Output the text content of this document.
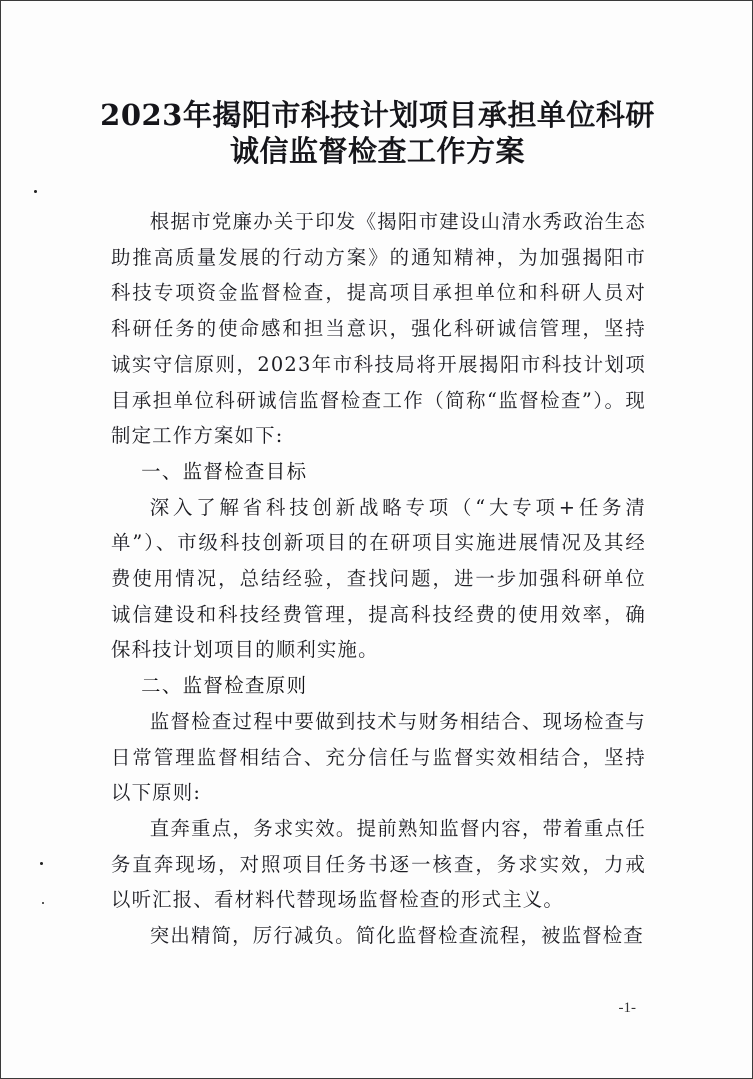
2023年揭阳市科技计划项目承担单位科研
诚信监督检查工作方案

根据市党廉办关于印发《揭阳市建设山清水秀政治生态助推高质量发展的行动方案》的通知精神，为加强揭阳市科技专项资金监督检查，提高项目承担单位和科研人员对科研任务的使命感和担当意识，强化科研诚信管理，坚持诚实守信原则，2023年市科技局将开展揭阳市科技计划项目承担单位科研诚信监督检查工作（简称“监督检查”）。现制定工作方案如下:

一、监督检查目标

深入了解省科技创新战略专项（“大专项+任务清单”）、市级科技创新项目的在研项目实施进展情况及其经费使用情况，总结经验，查找问题，进一步加强科研单位诚信建设和科技经费管理，提高科技经费的使用效率，确保科技计划项目的顺利实施。

二、监督检查原则

监督检查过程中要做到技术与财务相结合、现场检查与日常管理监督相结合、充分信任与监督实效相结合，坚持以下原则:

直奔重点，务求实效。提前熟知监督内容，带着重点任务直奔现场，对照项目任务书逐一核查，务求实效，力戒以听汇报、看材料代替现场监督检查的形式主义。

突出精简，厉行减负。简化监督检查流程，被监督检查

-1-
